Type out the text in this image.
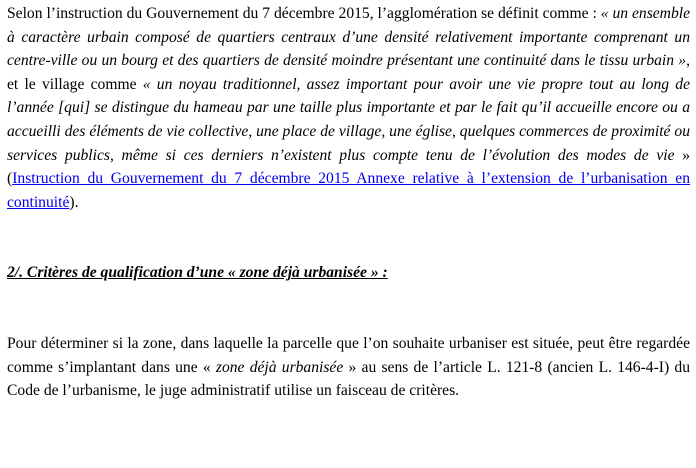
Selon l’instruction du Gouvernement du 7 décembre 2015, l’agglomération se définit comme : « un ensemble à caractère urbain composé de quartiers centraux d’une densité relativement importante comprenant un centre-ville ou un bourg et des quartiers de densité moindre présentant une continuité dans le tissu urbain », et le village comme « un noyau traditionnel, assez important pour avoir une vie propre tout au long de l’année [qui] se distingue du hameau par une taille plus importante et par le fait qu’il accueille encore ou a accueilli des éléments de vie collective, une place de village, une église, quelques commerces de proximité ou services publics, même si ces derniers n’existent plus compte tenu de l’évolution des modes de vie » (Instruction du Gouvernement du 7 décembre 2015 Annexe relative à l’extension de l’urbanisation en continuité).

2/. Critères de qualification d’une « zone déjà urbanisée » :

Pour déterminer si la zone, dans laquelle la parcelle que l’on souhaite urbaniser est située, peut être regardée comme s’implantant dans une « zone déjà urbanisée » au sens de l’article L. 121-8 (ancien L. 146-4-I) du Code de l’urbanisme, le juge administratif utilise un faisceau de critères.
